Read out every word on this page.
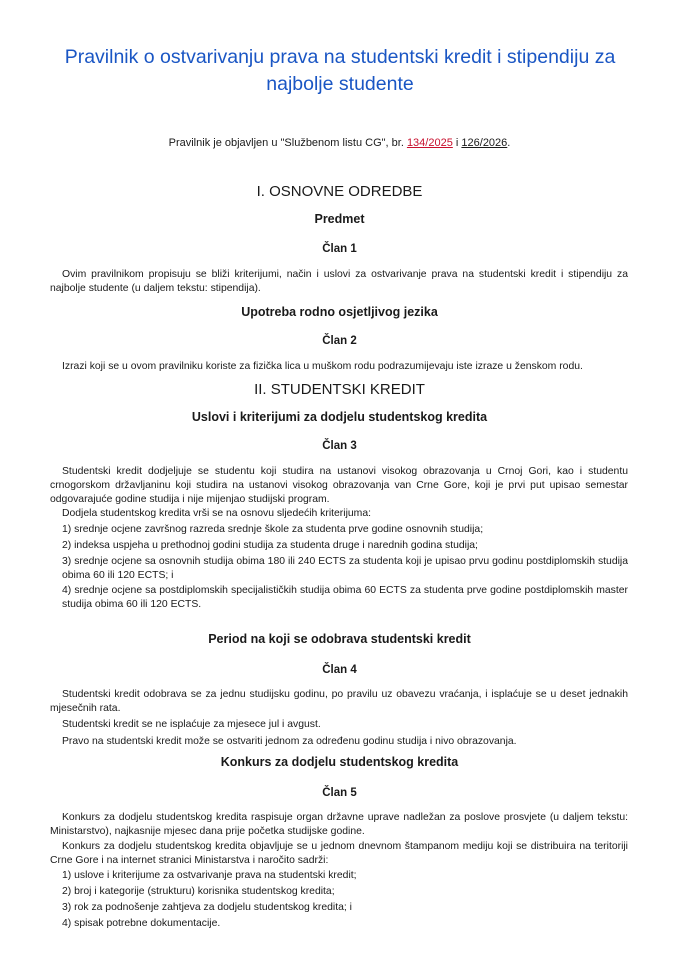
Pravilnik o ostvarivanju prava na studentski kredit i stipendiju za najbolje studente
Pravilnik je objavljen u "Službenom listu CG", br. 134/2025 i 126/2026.
I. OSNOVNE ODREDBE
Predmet
Član 1

Ovim pravilnikom propisuju se bliži kriterijumi, način i uslovi za ostvarivanje prava na studentski kredit i stipendiju za najbolje studente (u daljem tekstu: stipendija).

Upotreba rodno osjetljivog jezika
Član 2

Izrazi koji se u ovom pravilniku koriste za fizička lica u muškom rodu podrazumijevaju iste izraze u ženskom rodu.

II. STUDENTSKI KREDIT
Uslovi i kriterijumi za dodjelu studentskog kredita
Član 3

Studentski kredit dodjeljuje se studentu koji studira na ustanovi visokog obrazovanja u Crnoj Gori, kao i studentu crnogorskom državljaninu koji studira na ustanovi visokog obrazovanja van Crne Gore, koji je prvi put upisao semestar odgovarajuće godine studija i nije mijenjao studijski program.

Dodjela studentskog kredita vrši se na osnovu sljedećih kriterijuma:

1) srednje ocjene završnog razreda srednje škole za studenta prve godine osnovnih studija;

2) indeksa uspjeha u prethodnoj godini studija za studenta druge i narednih godina studija;

3) srednje ocjene sa osnovnih studija obima 180 ili 240 ECTS za studenta koji je upisao prvu godinu postdiplomskih studija obima 60 ili 120 ECTS; i

4) srednje ocjene sa postdiplomskih specijalističkih studija obima 60 ECTS za studenta prve godine postdiplomskih master studija obima 60 ili 120 ECTS.

Period na koji se odobrava studentski kredit
Član 4

Studentski kredit odobrava se za jednu studijsku godinu, po pravilu uz obavezu vraćanja, i isplaćuje se u deset jednakih mjesečnih rata.

Studentski kredit se ne isplaćuje za mjesece jul i avgust.

Pravo na studentski kredit može se ostvariti jednom za određenu godinu studija i nivo obrazovanja.

Konkurs za dodjelu studentskog kredita
Član 5

Konkurs za dodjelu studentskog kredita raspisuje organ državne uprave nadležan za poslove prosvjete (u daljem tekstu: Ministarstvo), najkasnije mjesec dana prije početka studijske godine.

Konkurs za dodjelu studentskog kredita objavljuje se u jednom dnevnom štampanom mediju koji se distribuira na teritoriji Crne Gore i na internet stranici Ministarstva i naročito sadrži:

1) uslove i kriterijume za ostvarivanje prava na studentski kredit;

2) broj i kategorije (strukturu) korisnika studentskog kredita;

3) rok za podnošenje zahtjeva za dodjelu studentskog kredita; i

4) spisak potrebne dokumentacije.
